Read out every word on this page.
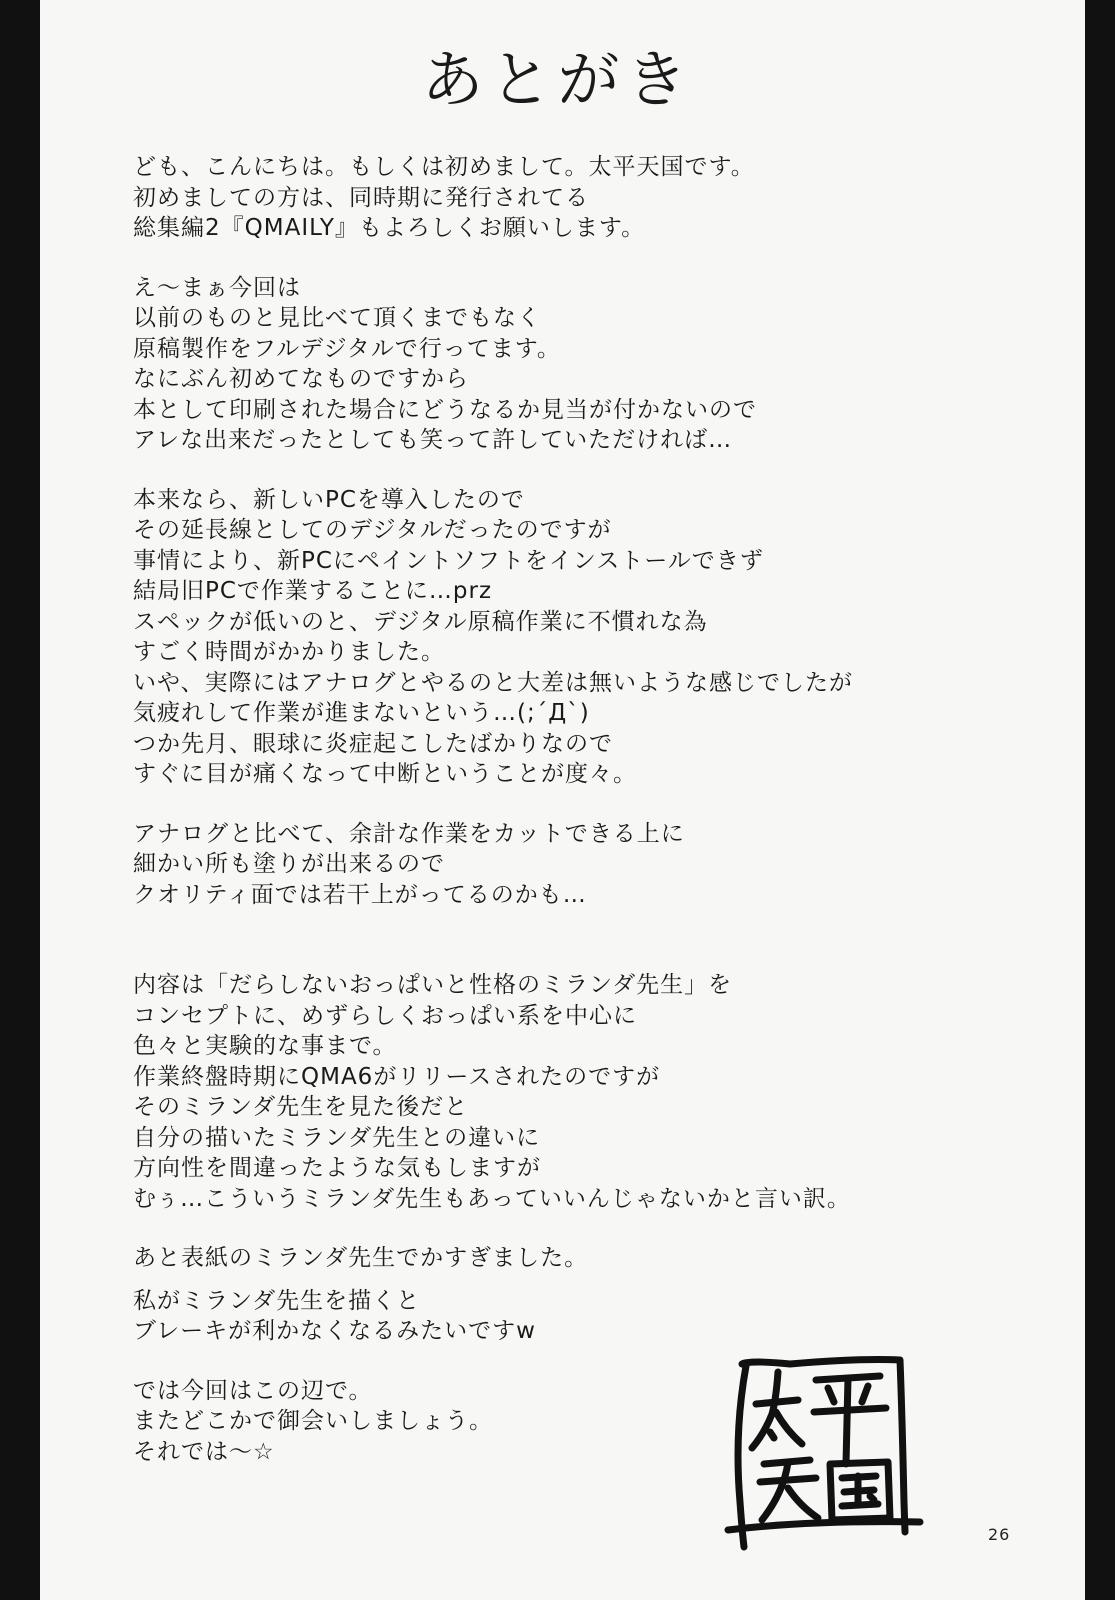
あとがき
ども、こんにちは。もしくは初めまして。太平天国です。
初めましての方は、同時期に発行されてる
総集編2『QMAILY』もよろしくお願いします。
え～まぁ今回は
以前のものと見比べて頂くまでもなく
原稿製作をフルデジタルで行ってます。
なにぶん初めてなものですから
本として印刷された場合にどうなるか見当が付かないので
アレな出来だったとしても笑って許していただければ…
本来なら、新しいPCを導入したので
その延長線としてのデジタルだったのですが
事情により、新PCにペイントソフトをインストールできず
結局旧PCで作業することに…prz
スペックが低いのと、デジタル原稿作業に不慣れな為
すごく時間がかかりました。
いや、実際にはアナログとやるのと大差は無いような感じでしたが
気疲れして作業が進まないという…(;´Д`)
つか先月、眼球に炎症起こしたばかりなので
すぐに目が痛くなって中断ということが度々。
アナログと比べて、余計な作業をカットできる上に
細かい所も塗りが出来るので
クオリティ面では若干上がってるのかも…
内容は「だらしないおっぱいと性格のミランダ先生」を
コンセプトに、めずらしくおっぱい系を中心に
色々と実験的な事まで。
作業終盤時期にQMA6がリリースされたのですが
そのミランダ先生を見た後だと
自分の描いたミランダ先生との違いに
方向性を間違ったような気もしますが
むぅ…こういうミランダ先生もあっていいんじゃないかと言い訳。
あと表紙のミランダ先生でかすぎました。
私がミランダ先生を描くと
ブレーキが利かなくなるみたいですw
では今回はこの辺で。
またどこかで御会いしましょう。
それでは～☆
26
